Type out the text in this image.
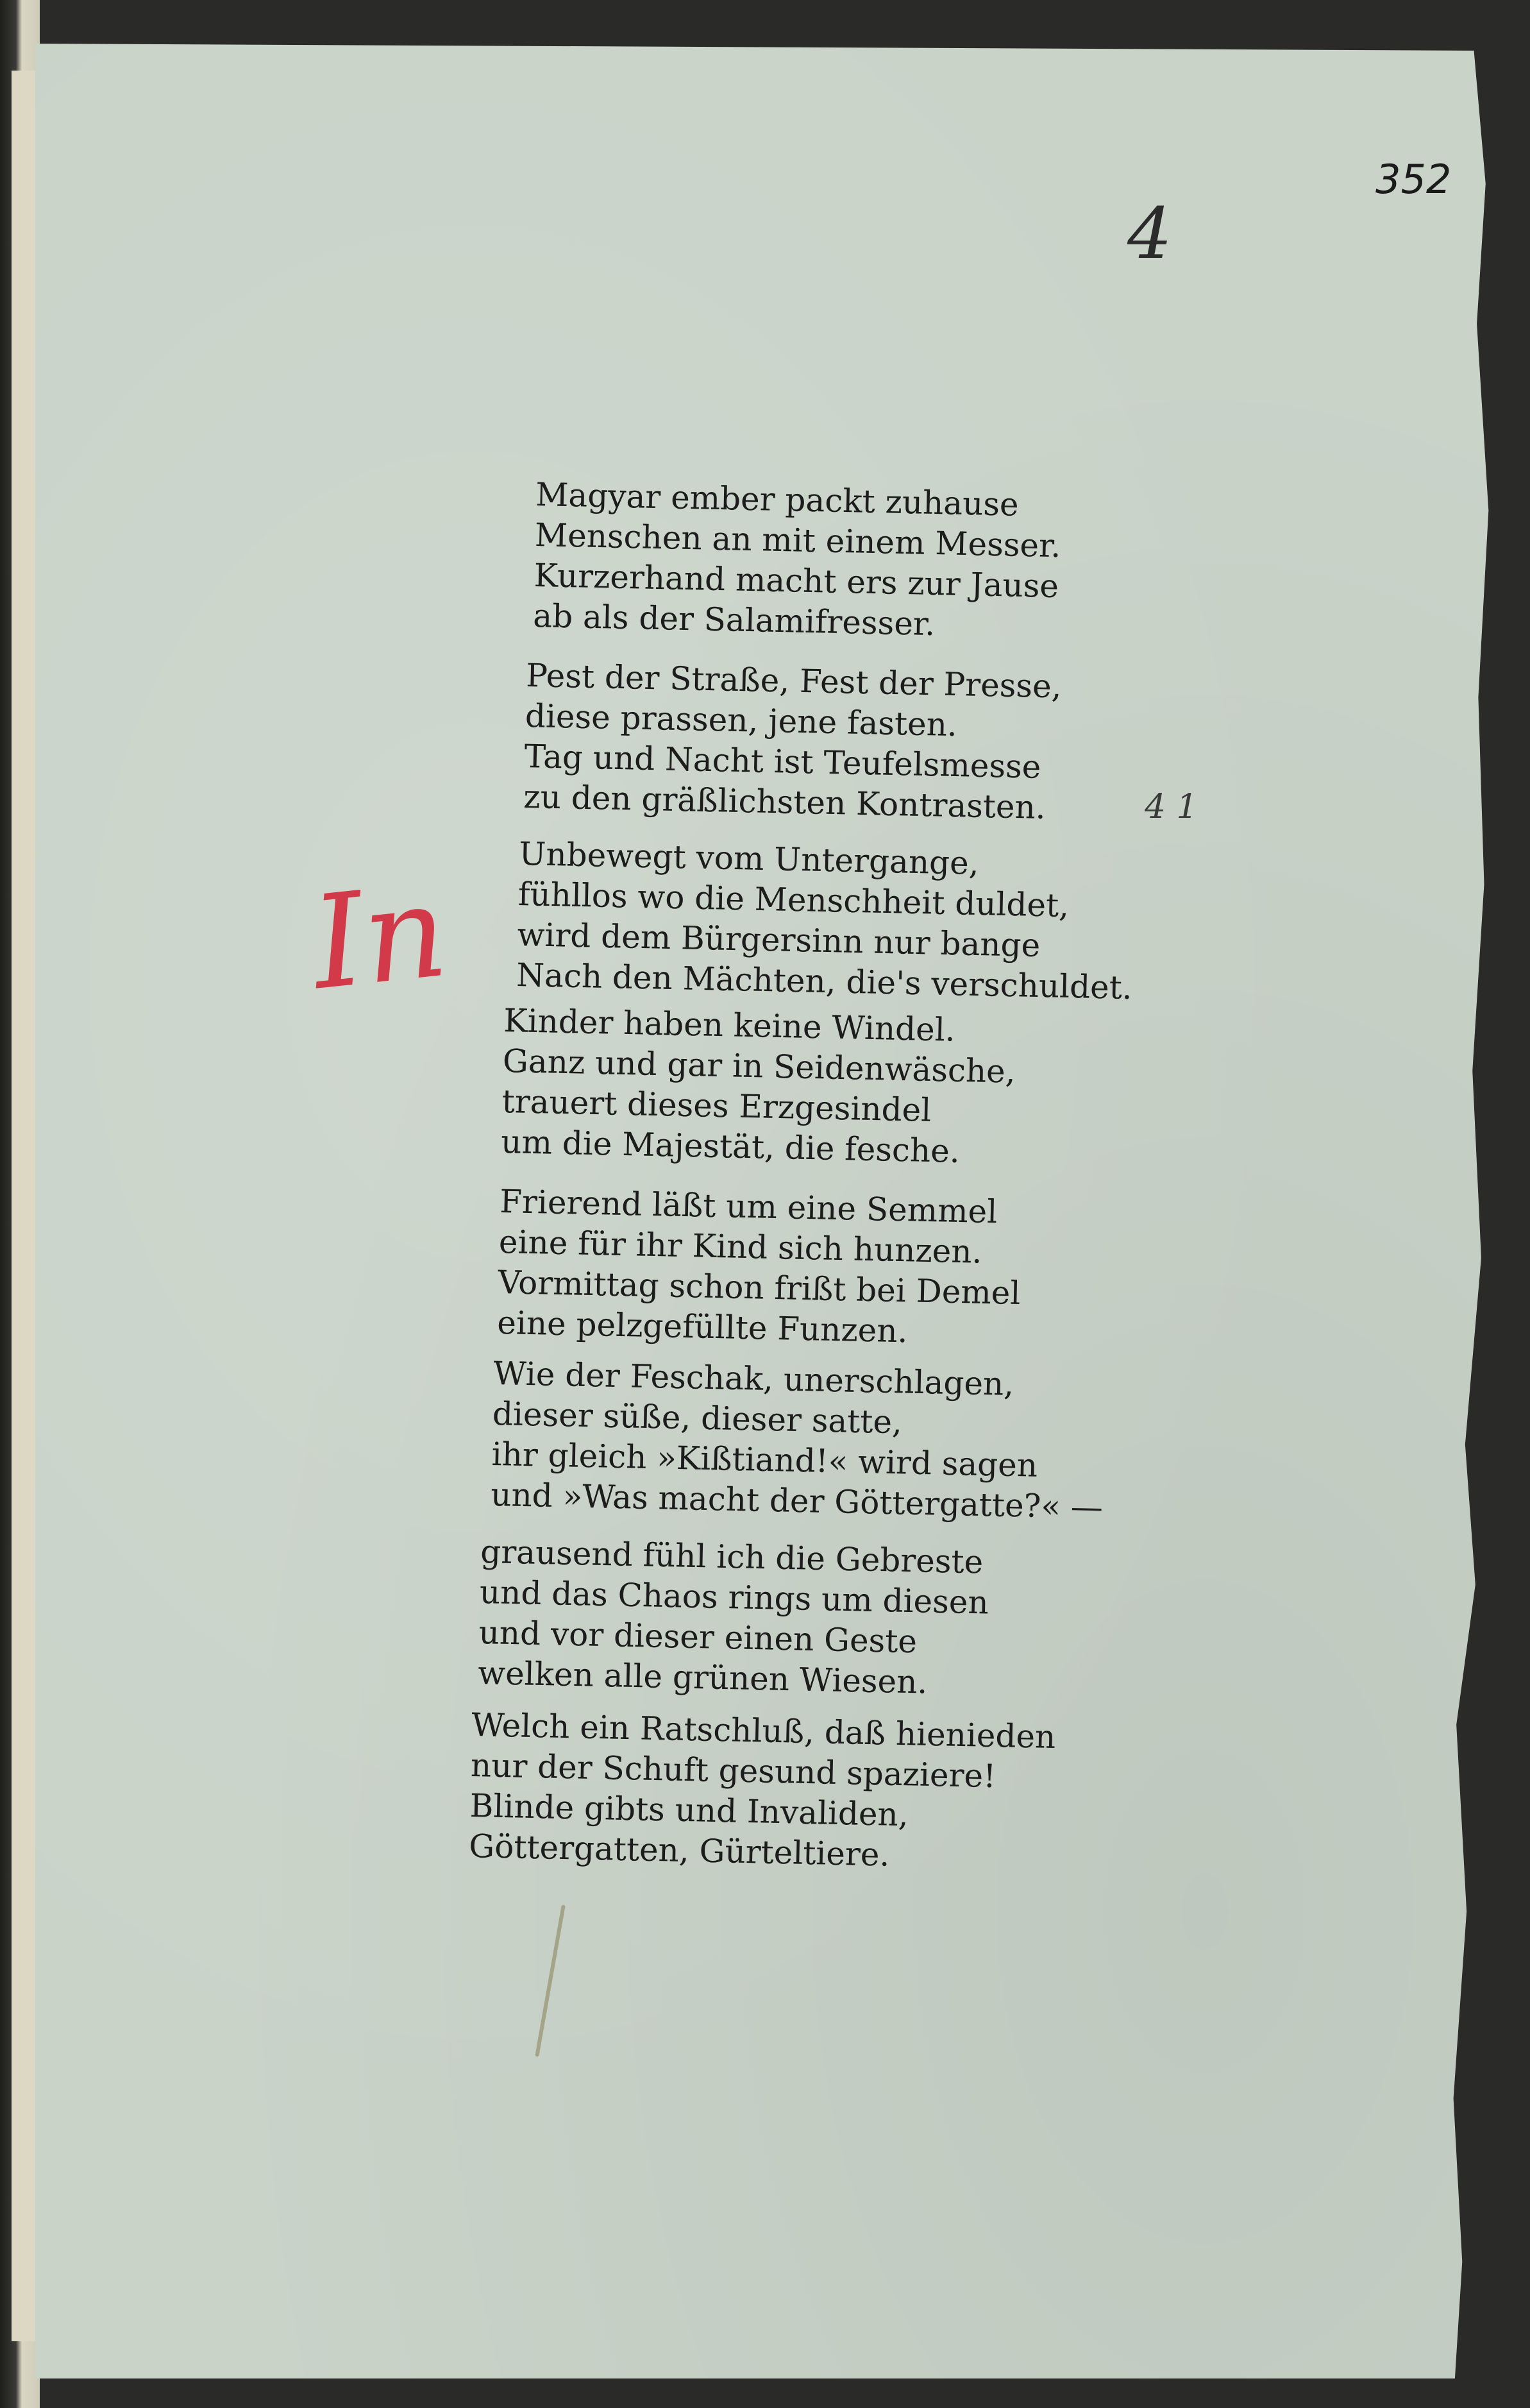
352
4
4 1
In
Magyar ember packt zuhause
Menschen an mit einem Messer.
Kurzerhand macht ers zur Jause
ab als der Salamifresser.
Pest der Straße, Fest der Presse,
diese prassen, jene fasten.
Tag und Nacht ist Teufelsmesse
zu den gräßlichsten Kontrasten.
Unbewegt vom Untergange,
fühllos wo die Menschheit duldet,
wird dem Bürgersinn nur bange
Nach den Mächten, die's verschuldet.
Kinder haben keine Windel.
Ganz und gar in Seidenwäsche,
trauert dieses Erzgesindel
um die Majestät, die fesche.
Frierend läßt um eine Semmel
eine für ihr Kind sich hunzen.
Vormittag schon frißt bei Demel
eine pelzgefüllte Funzen.
Wie der Feschak, unerschlagen,
dieser süße, dieser satte,
ihr gleich »Kißtiand!« wird sagen
und »Was macht der Göttergatte?« —
grausend fühl ich die Gebreste
und das Chaos rings um diesen
und vor dieser einen Geste
welken alle grünen Wiesen.
Welch ein Ratschluß, daß hienieden
nur der Schuft gesund spaziere!
Blinde gibts und Invaliden,
Göttergatten, Gürteltiere.
